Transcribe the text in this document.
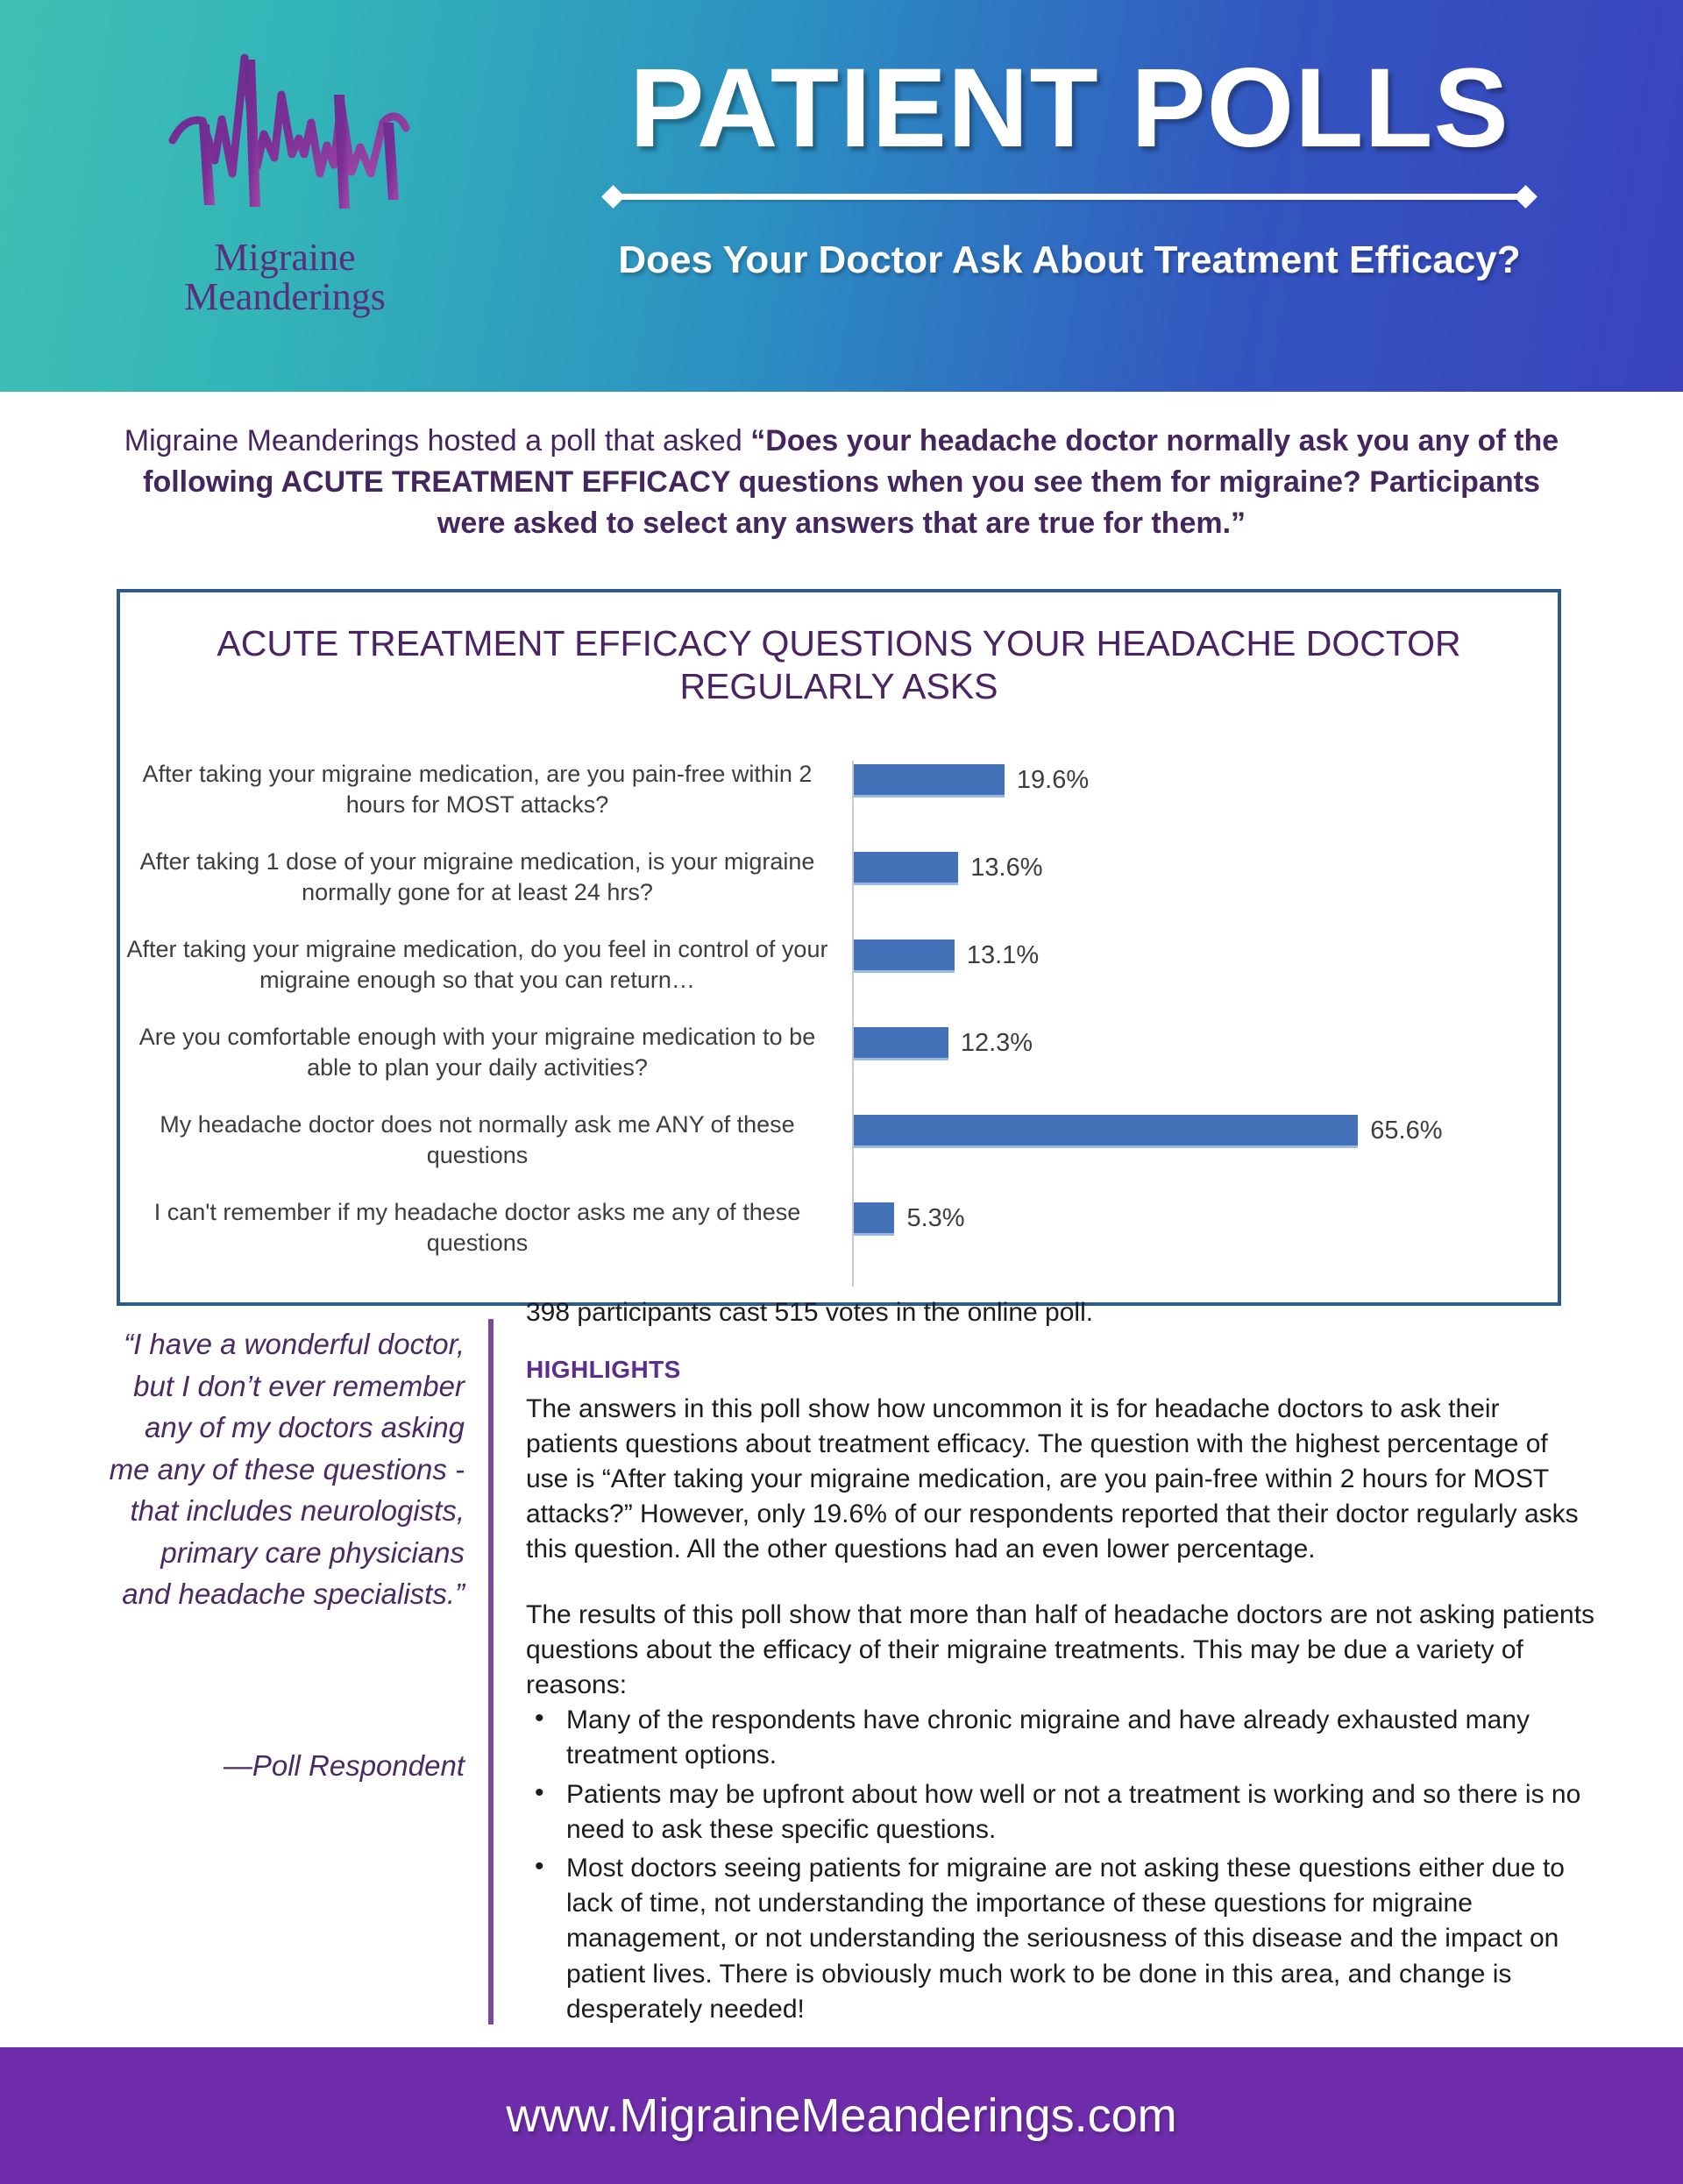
Migraine
Meanderings
PATIENT POLLS
Does Your Doctor Ask About Treatment Efficacy?
Migraine Meanderings hosted a poll that asked “Does your headache doctor normally ask you any of the following ACUTE TREATMENT EFFICACY questions when you see them for migraine? Participants were asked to select any answers that are true for them.”
ACUTE TREATMENT EFFICACY QUESTIONS YOUR HEADACHE DOCTOR REGULARLY ASKS
After taking your migraine medication, are you pain-free within 2 hours for MOST attacks?
19.6%
After taking 1 dose of your migraine medication, is your migraine normally gone for at least 24 hrs?
13.6%
After taking your migraine medication, do you feel in control of your migraine enough so that you can return…
13.1%
Are you comfortable enough with your migraine medication to be able to plan your daily activities?
12.3%
My headache doctor does not normally ask me ANY of these questions
65.6%
I can't remember if my headache doctor asks me any of these questions
5.3%
“I have a wonderful doctor, but I don’t ever remember any of my doctors asking me any of these questions - that includes neurologists, primary care physicians and headache specialists.”
—Poll Respondent
398 participants cast 515 votes in the online poll.
HIGHLIGHTS
The answers in this poll show how uncommon it is for headache doctors to ask their patients questions about treatment efficacy. The question with the highest percentage of use is “After taking your migraine medication, are you pain-free within 2 hours for MOST attacks?” However, only 19.6% of our respondents reported that their doctor regularly asks this question. All the other questions had an even lower percentage.
The results of this poll show that more than half of headache doctors are not asking patients questions about the efficacy of their migraine treatments. This may be due a variety of reasons:
• Many of the respondents have chronic migraine and have already exhausted many treatment options.
• Patients may be upfront about how well or not a treatment is working and so there is no need to ask these specific questions.
• Most doctors seeing patients for migraine are not asking these questions either due to lack of time, not understanding the importance of these questions for migraine management, or not understanding the seriousness of this disease and the impact on patient lives. There is obviously much work to be done in this area, and change is desperately needed!
www.MigraineMeanderings.com
